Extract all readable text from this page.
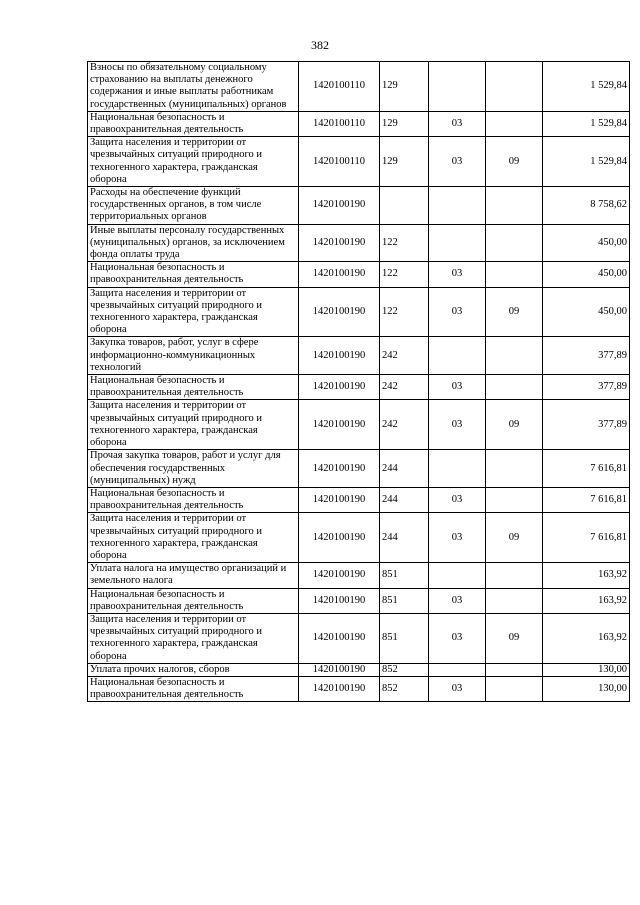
382
Взносы по обязательному социальному страхованию на выплаты денежного содержания и иные выплаты работникам государственных (муниципальных) органов	1420100110	129			1 529,84
Национальная безопасность и правоохранительная деятельность	1420100110	129	03		1 529,84
Защита населения и территории от чрезвычайных ситуаций природного и техногенного характера, гражданская оборона	1420100110	129	03	09	1 529,84
Расходы на обеспечение функций государственных органов, в том числе территориальных органов	1420100190				8 758,62
Иные выплаты персоналу государственных (муниципальных) органов, за исключением фонда оплаты труда	1420100190	122			450,00
Национальная безопасность и правоохранительная деятельность	1420100190	122	03		450,00
Защита населения и территории от чрезвычайных ситуаций природного и техногенного характера, гражданская оборона	1420100190	122	03	09	450,00
Закупка товаров, работ, услуг в сфере информационно-коммуникационных технологий	1420100190	242			377,89
Национальная безопасность и правоохранительная деятельность	1420100190	242	03		377,89
Защита населения и территории от чрезвычайных ситуаций природного и техногенного характера, гражданская оборона	1420100190	242	03	09	377,89
Прочая закупка товаров, работ и услуг для обеспечения государственных (муниципальных) нужд	1420100190	244			7 616,81
Национальная безопасность и правоохранительная деятельность	1420100190	244	03		7 616,81
Защита населения и территории от чрезвычайных ситуаций природного и техногенного характера, гражданская оборона	1420100190	244	03	09	7 616,81
Уплата налога на имущество организаций и земельного налога	1420100190	851			163,92
Национальная безопасность и правоохранительная деятельность	1420100190	851	03		163,92
Защита населения и территории от чрезвычайных ситуаций природного и техногенного характера, гражданская оборона	1420100190	851	03	09	163,92
Уплата прочих налогов, сборов	1420100190	852			130,00
Национальная безопасность и правоохранительная деятельность	1420100190	852	03		130,00
